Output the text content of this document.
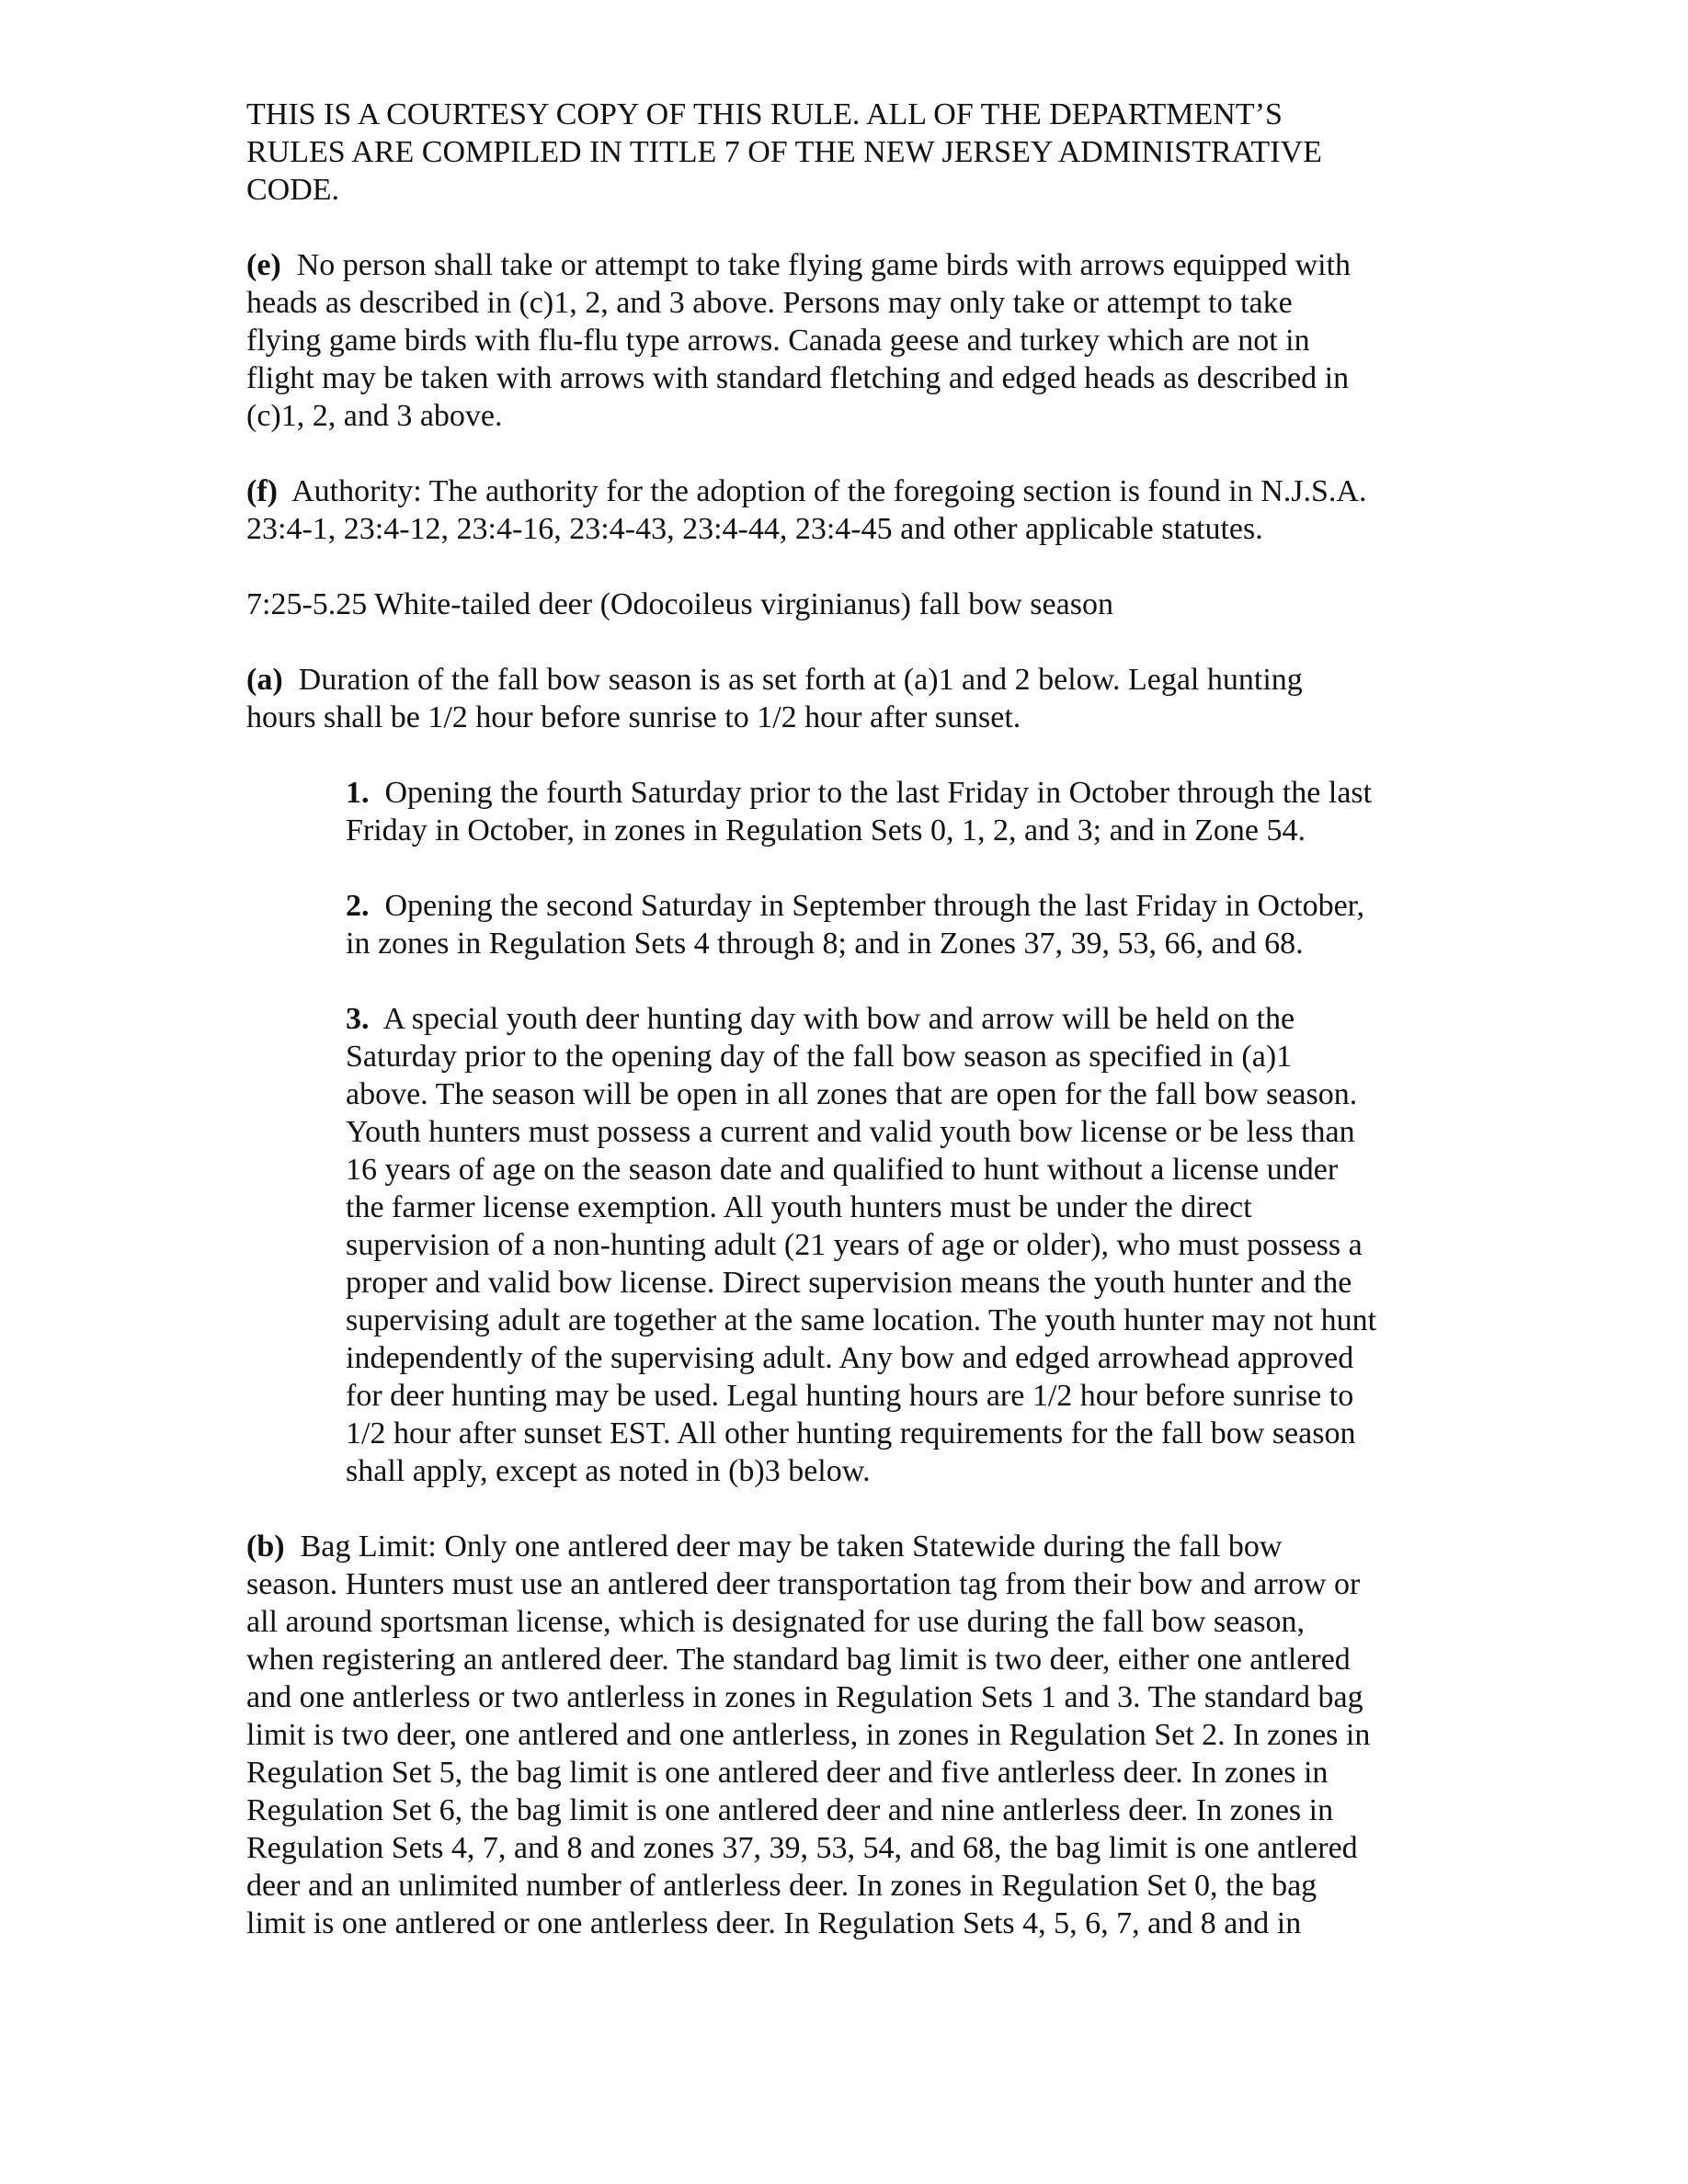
THIS IS A COURTESY COPY OF THIS RULE. ALL OF THE DEPARTMENT’S
RULES ARE COMPILED IN TITLE 7 OF THE NEW JERSEY ADMINISTRATIVE
CODE.
(e) No person shall take or attempt to take flying game birds with arrows equipped with
heads as described in (c)1, 2, and 3 above. Persons may only take or attempt to take
flying game birds with flu-flu type arrows. Canada geese and turkey which are not in
flight may be taken with arrows with standard fletching and edged heads as described in
(c)1, 2, and 3 above.
(f) Authority: The authority for the adoption of the foregoing section is found in N.J.S.A.
23:4-1, 23:4-12, 23:4-16, 23:4-43, 23:4-44, 23:4-45 and other applicable statutes.
7:25-5.25 White-tailed deer (Odocoileus virginianus) fall bow season
(a) Duration of the fall bow season is as set forth at (a)1 and 2 below. Legal hunting
hours shall be 1/2 hour before sunrise to 1/2 hour after sunset.
1. Opening the fourth Saturday prior to the last Friday in October through the last
Friday in October, in zones in Regulation Sets 0, 1, 2, and 3; and in Zone 54.
2. Opening the second Saturday in September through the last Friday in October,
in zones in Regulation Sets 4 through 8; and in Zones 37, 39, 53, 66, and 68.
3. A special youth deer hunting day with bow and arrow will be held on the
Saturday prior to the opening day of the fall bow season as specified in (a)1
above. The season will be open in all zones that are open for the fall bow season.
Youth hunters must possess a current and valid youth bow license or be less than
16 years of age on the season date and qualified to hunt without a license under
the farmer license exemption. All youth hunters must be under the direct
supervision of a non-hunting adult (21 years of age or older), who must possess a
proper and valid bow license. Direct supervision means the youth hunter and the
supervising adult are together at the same location. The youth hunter may not hunt
independently of the supervising adult. Any bow and edged arrowhead approved
for deer hunting may be used. Legal hunting hours are 1/2 hour before sunrise to
1/2 hour after sunset EST. All other hunting requirements for the fall bow season
shall apply, except as noted in (b)3 below.
(b) Bag Limit: Only one antlered deer may be taken Statewide during the fall bow
season. Hunters must use an antlered deer transportation tag from their bow and arrow or
all around sportsman license, which is designated for use during the fall bow season,
when registering an antlered deer. The standard bag limit is two deer, either one antlered
and one antlerless or two antlerless in zones in Regulation Sets 1 and 3. The standard bag
limit is two deer, one antlered and one antlerless, in zones in Regulation Set 2. In zones in
Regulation Set 5, the bag limit is one antlered deer and five antlerless deer. In zones in
Regulation Set 6, the bag limit is one antlered deer and nine antlerless deer. In zones in
Regulation Sets 4, 7, and 8 and zones 37, 39, 53, 54, and 68, the bag limit is one antlered
deer and an unlimited number of antlerless deer. In zones in Regulation Set 0, the bag
limit is one antlered or one antlerless deer. In Regulation Sets 4, 5, 6, 7, and 8 and in
